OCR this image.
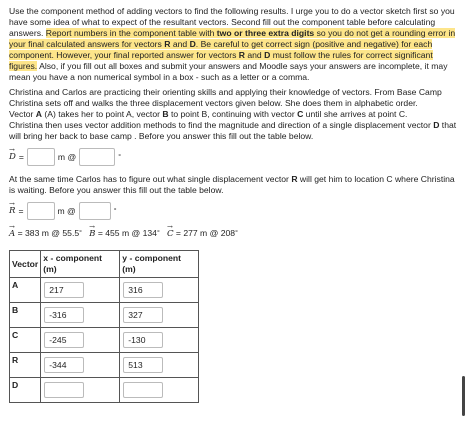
Use the component method of adding vectors to find the following results. I urge you to do a vector sketch first so you have some idea of what to expect of the resultant vectors. Second fill out the component table before calculating answers. Report numbers in the component table with two or three extra digits so you do not get a rounding error in your final calculated answers for vectors R and D. Be careful to get correct sign (positive and negative) for each component. However, your final reported answer for vectors R and D must follow the rules for correct significant figures. Also, if you fill out all boxes and submit your answers and Moodle says your answers are incomplete, it may mean you have a non numerical symbol in a box - such as a letter or a comma.

Christina and Carlos are practicing their orienting skills and applying their knowledge of vectors. From Base Camp Christina sets off and walks the three displacement vectors given below. She does them in alphabetic order.
Vector A (A) takes her to point A, vector B to point B, continuing with vector C until she arrives at point C.
Christina then uses vector addition methods to find the magnitude and direction of a single displacement vector D that will bring her back to base camp . Before you answer this fill out the table below.

→ D =	m @	°

At the same time Carlos has to figure out what single displacement vector R will get him to location C where Christina is waiting. Before you answer this fill out the table below.

→ R =	m @	°
→ A = 383 m @ 55.5° → B = 455 m @ 134° → C = 277 m @ 208°
Vector	x - component (m)	y - component (m)
A	217	316

B	-316	327

C	-245	-130

R	-344	513

D	
